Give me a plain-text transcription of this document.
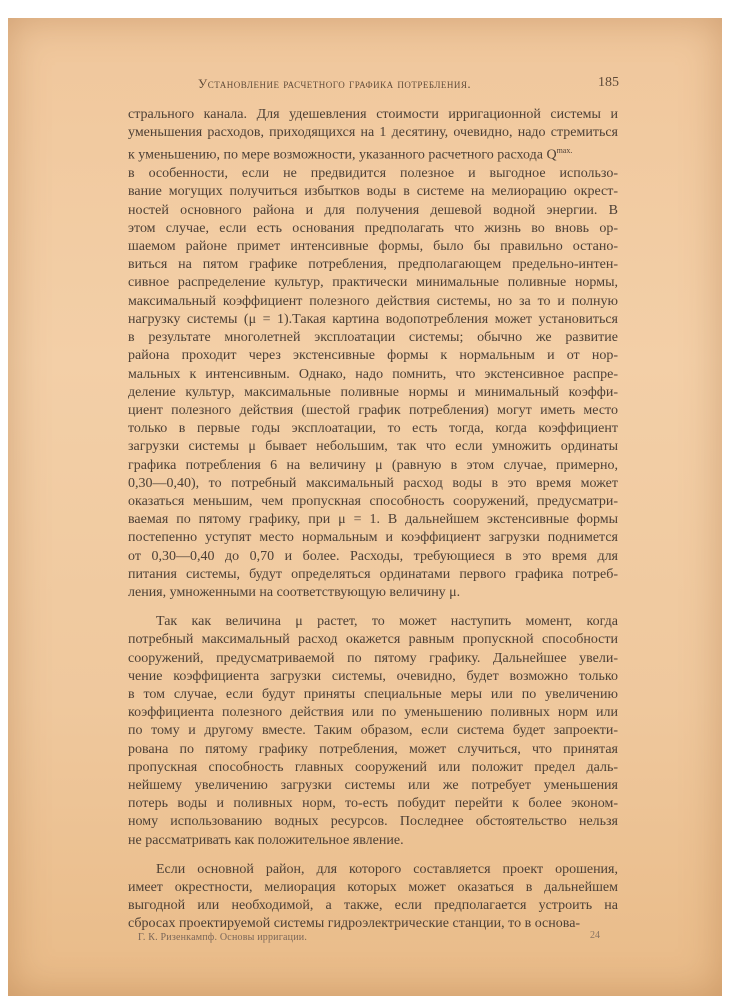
Установление расчетного графика потребления.	185
стрального канала. Для удешевления стоимости ирригационной системы и
уменьшения расходов, приходящихся на 1 десятину, очевидно, надо стремиться
к уменьшению, по мере возможности, указанного расчетного расхода $Q^{max.}$

в особенности, если не предвидится полезное и выгодное использо-
вание могущих получиться избытков воды в системе на мелиорацию окрест-
ностей основного района и для получения дешевой водной энергии. В
этом случае, если есть основания предполагать что жизнь во вновь ор-
шаемом районе примет интенсивные формы, было бы правильно остано-
виться на пятом графике потребления, предполагающем предельно-интен-
сивное распределение культур, практически минимальные поливные нормы,
максимальный коэффициент полезного действия системы, но за то и полную
нагрузку системы (μ = 1).Такая картина водопотребления может установиться
в результате многолетней эксплоатации системы; обычно же развитие
района проходит через экстенсивные формы к нормальным и от нор-
мальных к интенсивным. Однако, надо помнить, что экстенсивное распре-
деление культур, максимальные поливные нормы и минимальный коэффи-
циент полезного действия (шестой график потребления) могут иметь место
только в первые годы эксплоатации, то есть тогда, когда коэффициент
загрузки системы μ бывает небольшим, так что если умножить ординаты
графика потребления 6 на величину μ (равную в этом случае, примерно,
0,30—0,40), то потребный максимальный расход воды в это время может
оказаться меньшим, чем пропускная способность сооружений, предусматри-
ваемая по пятому графику, при μ = 1. В дальнейшем экстенсивные формы
постепенно уступят место нормальным и коэффициент загрузки поднимется
от 0,30—0,40 до 0,70 и более. Расходы, требующиеся в это время для
питания системы, будут определяться ординатами первого графика потреб-
ления, умноженными на соответствующую величину μ.
Так как величина μ растет, то может наступить момент, когда
потребный максимальный расход окажется равным пропускной способности
сооружений, предусматриваемой по пятому графику. Дальнейшее увели-
чение коэффициента загрузки системы, очевидно, будет возможно только
в том случае, если будут приняты специальные меры или по увеличению
коэффициента полезного действия или по уменьшению поливных норм или
по тому и другому вместе. Таким образом, если система будет запроекти-
рована по пятому графику потребления, может случиться, что принятая
пропускная способность главных сооружений или положит предел даль-
нейшему увеличению загрузки системы или же потребует уменьшения
потерь воды и поливных норм, то-есть побудит перейти к более эконом-
ному использованию водных ресурсов. Последнее обстоятельство нельзя
не рассматривать как положительное явление.
Если основной район, для которого составляется проект орошения,
имеет окрестности, мелиорация которых может оказаться в дальнейшем
выгодной или необходимой, а также, если предполагается устроить на
сбросах проектируемой системы гидроэлектрические станции, то в основа-
Г. К. Ризенкампф. Основы ирригации.	24
